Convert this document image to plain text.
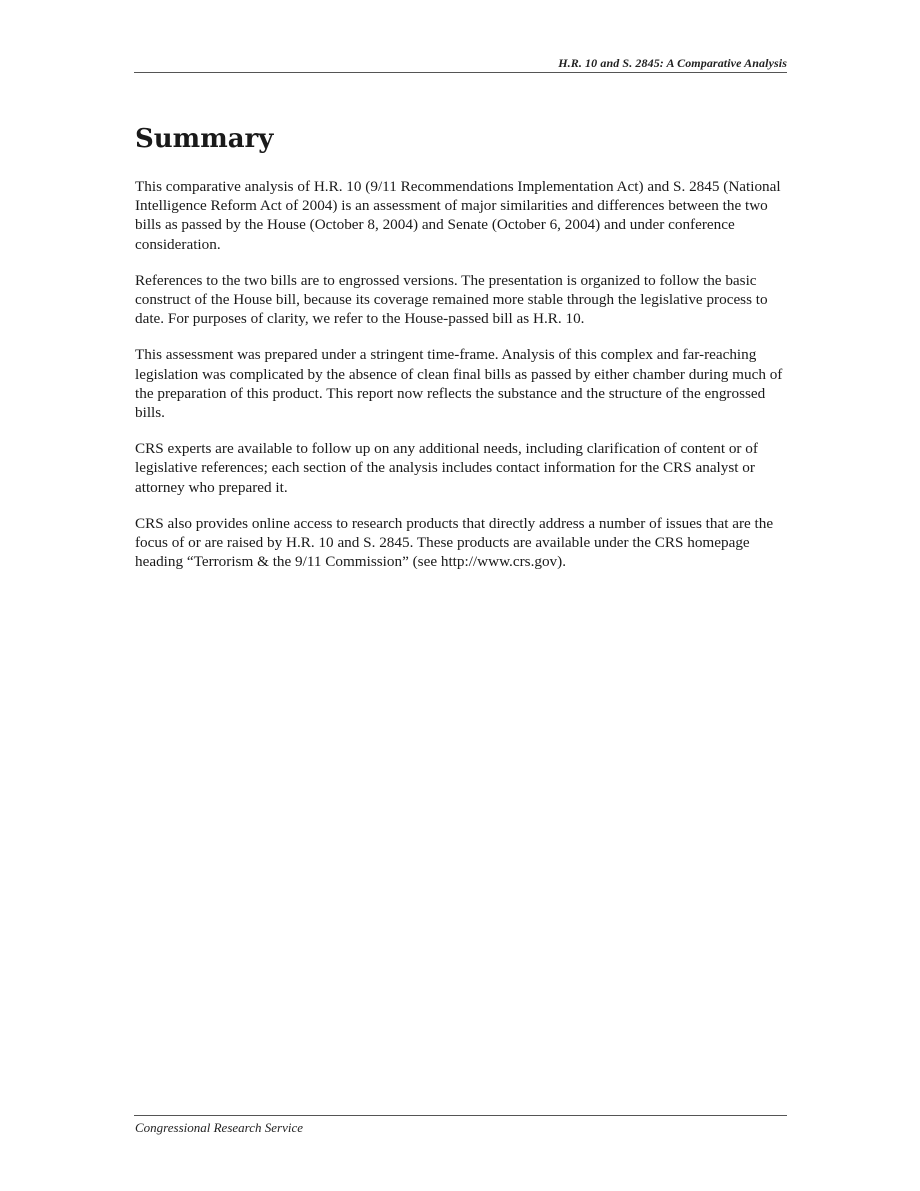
H.R. 10 and S. 2845: A Comparative Analysis
Summary

This comparative analysis of H.R. 10 (9/11 Recommendations Implementation Act) and S. 2845 (National Intelligence Reform Act of 2004) is an assessment of major similarities and differences between the two bills as passed by the House (October 8, 2004) and Senate (October 6, 2004) and under conference consideration.

References to the two bills are to engrossed versions. The presentation is organized to follow the basic construct of the House bill, because its coverage remained more stable through the legislative process to date. For purposes of clarity, we refer to the House-passed bill as H.R. 10.

This assessment was prepared under a stringent time-frame. Analysis of this complex and far-reaching legislation was complicated by the absence of clean final bills as passed by either chamber during much of the preparation of this product. This report now reflects the substance and the structure of the engrossed bills.

CRS experts are available to follow up on any additional needs, including clarification of content or of legislative references; each section of the analysis includes contact information for the CRS analyst or attorney who prepared it.

CRS also provides online access to research products that directly address a number of issues that are the focus of or are raised by H.R. 10 and S. 2845. These products are available under the CRS homepage heading “Terrorism & the 9/11 Commission” (see http://www.crs.gov).

Congressional Research Service
